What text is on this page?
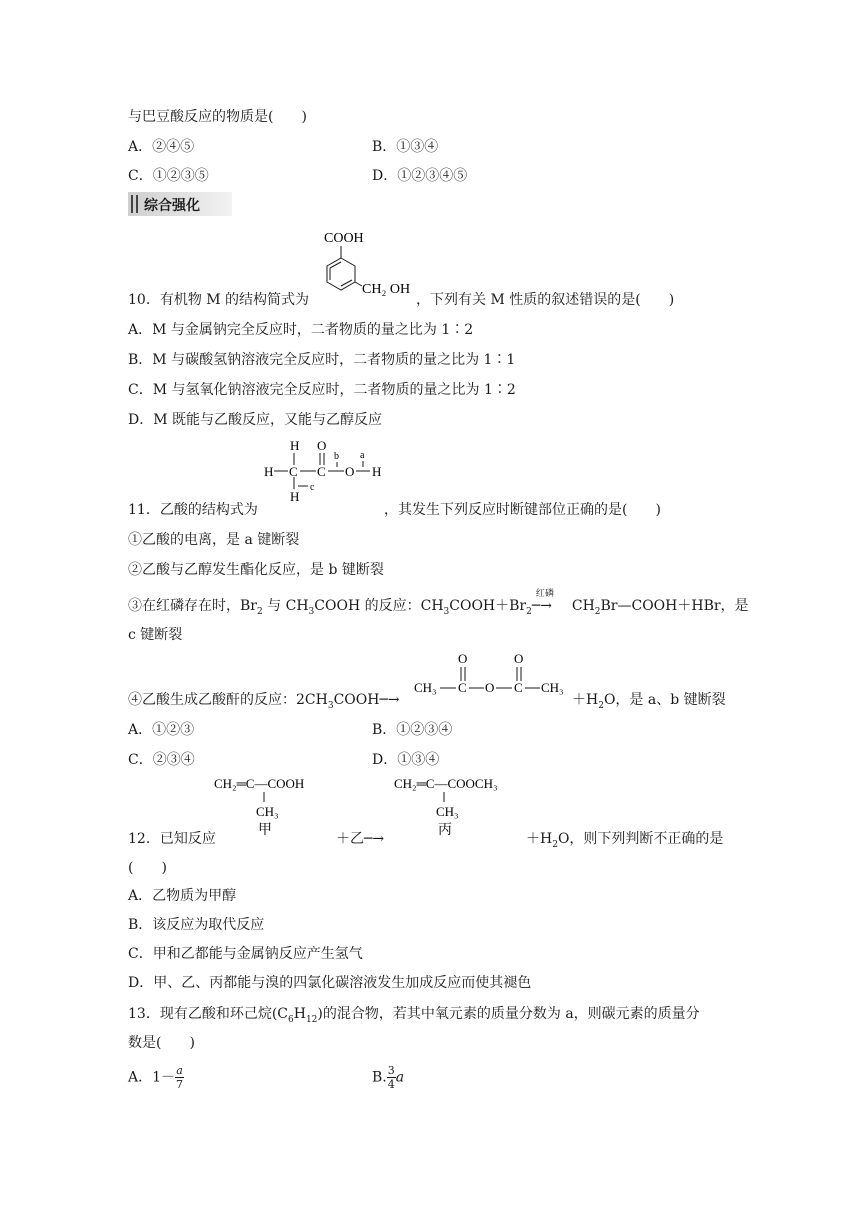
与巴豆酸反应的物质是(　　)
A．②④⑤	B．①③④
C．①②③⑤	D．①②③④⑤
综合强化
10．有机物 M 的结构简式为
COOH
CH₂ OH
，下列有关 M 性质的叙述错误的是(　　)
A．M 与金属钠完全反应时，二者物质的量之比为 1∶2
B．M 与碳酸氢钠溶液完全反应时，二者物质的量之比为 1∶1
C．M 与氢氧化钠溶液完全反应时，二者物质的量之比为 1∶2
D．M 既能与乙酸反应，又能与乙醇反应
H
H C C
O
b
O
a
H
H
c
11．乙酸的结构式为	，其发生下列反应时断键部位正确的是(　　)
①乙酸的电离，是 a 键断裂
②乙酸与乙醇发生酯化反应，是 b 键断裂
③在红磷存在时，$Br_2$ 与 $CH_3COOH$ 的反应：$CH_3COOH+Br_2$
红磷
─→ $CH_2Br—COOH+HBr$，是
c 键断裂
CH₃ C
O
O C
O
CH₃
④乙酸生成乙酸酐的反应：$2CH_3COOH─\to$	$+H_2O$，是 a、b 键断裂
A．①②③	B．①②③④
C．②③④	D．①③④
CH₂═C—COOH
CH₃
甲
CH₂═C—COOCH₃
CH₃
丙
12．已知反应	＋乙─→	$+H_2O$，则下列判断不正确的是
(　　)
A．乙物质为甲醇
B．该反应为取代反应
C．甲和乙都能与金属钠反应产生氢气
D．甲、乙、丙都能与溴的四氯化碳溶液发生加成反应而使其褪色
13．现有乙酸和环己烷$(C_6H_{12})$的混合物，若其中氧元素的质量分数为 a，则碳元素的质量分
数是(　　)
A．$1- \frac{a}{7}$	B. $\frac{3}{4}$ a
